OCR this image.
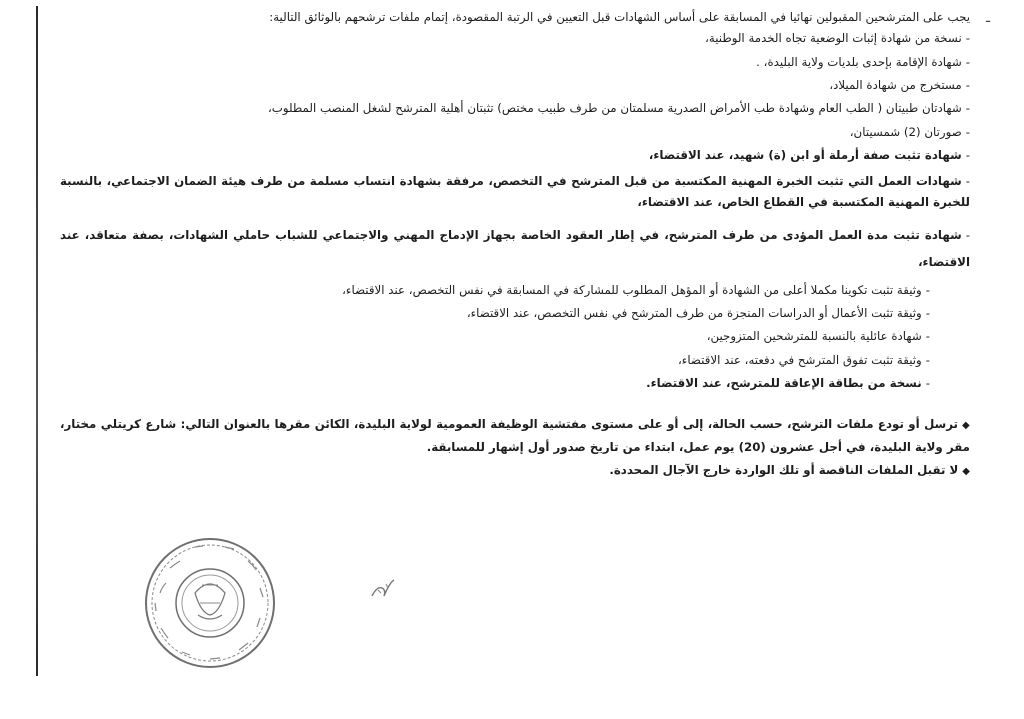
ـ

يجب على المترشحين المقبولين نهائيا في المسابقة على أساس الشهادات قبل التعيين في الرتبة المقصودة، إتمام ملفات ترشحهم بالوثائق التالية:

-نسخة من شهادة إثبات الوضعية تجاه الخدمة الوطنية،

-شهادة الإقامة بإحدى بلديات ولاية البليدة، .

-مستخرج من شهادة الميلاد،

-شهادتان طبيتان ( الطب العام وشهادة طب الأمراض الصدرية مسلمتان من طرف طبيب مختص) تثبتان أهلية المترشح لشغل المنصب المطلوب،

-صورتان (2) شمسيتان،

-شهادة تثبت صفة أرملة أو ابن (ة) شهيد، عند الاقتضاء،

-شهادات العمل التي تثبت الخبرة المهنية المكتسبة من قبل المترشح في التخصص، مرفقة بشهادة انتساب مسلمة من طرف هيئة الضمان الاجتماعي، بالنسبة للخبرة المهنية المكتسبة في القطاع الخاص، عند الاقتضاء،

-شهادة تثبت مدة العمل المؤدى من طرف المترشح، في إطار العقود الخاصة بجهاز الإدماج المهني والاجتماعي للشباب حاملي الشهادات، بصفة متعاقد، عند الاقتضاء،

-وثيقة تثبت تكوينا مكملا أعلى من الشهادة أو المؤهل المطلوب للمشاركة في المسابقة في نفس التخصص، عند الاقتضاء،

-وثيقة تثبت الأعمال أو الدراسات المنجزة من طرف المترشح في نفس التخصص، عند الاقتضاء،

-شهادة عائلية بالنسبة للمترشحين المتزوجين،

-وثيقة تثبت تفوق المترشح في دفعته، عند الاقتضاء،

-نسخة من بطاقة الإعاقة للمترشح، عند الاقتضاء.

◆ترسل أو تودع ملفات الترشح، حسب الحالة، إلى أو على مستوى مفتشية الوظيفة العمومية لولاية البليدة، الكائن مقرها بالعنوان التالي: شارع كريتلي مختار، مقر ولاية البليدة، في أجل عشرون (20) يوم عمل، ابتداء من تاريخ صدور أول إشهار للمسابقة.

◆لا تقبل الملفات الناقصة أو تلك الواردة خارج الآجال المحددة.
